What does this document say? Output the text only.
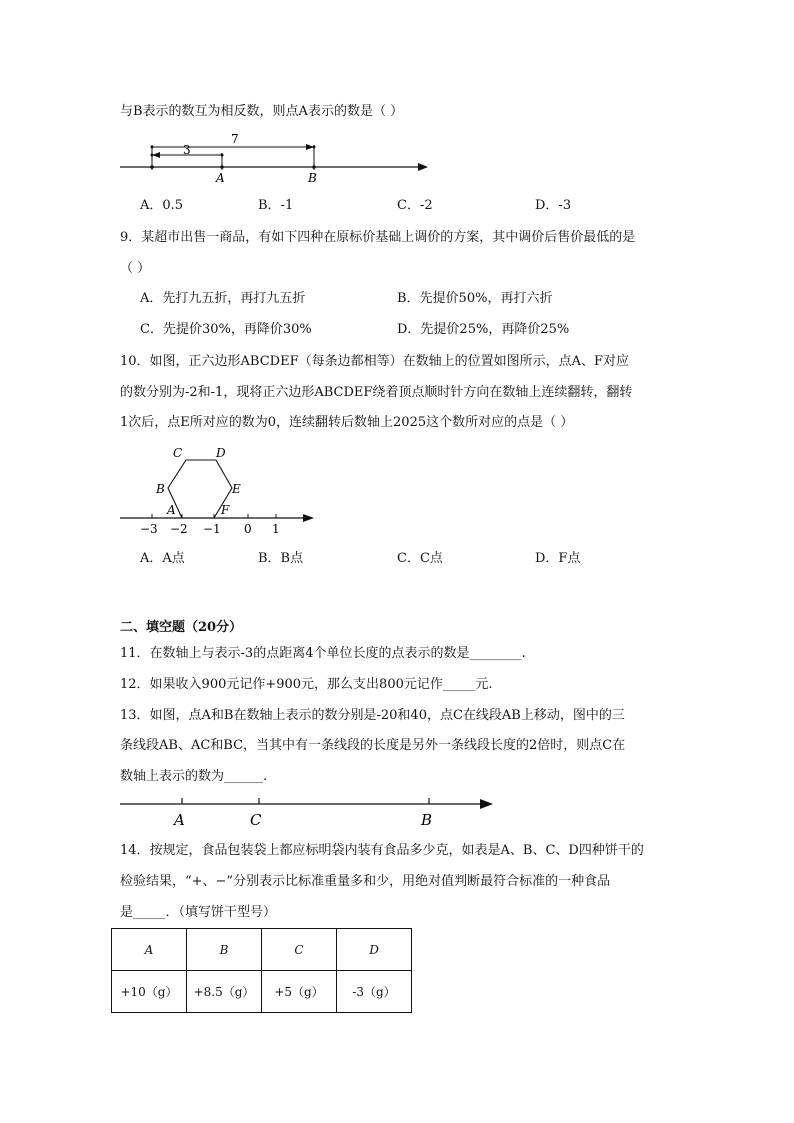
与B表示的数互为相反数，则点A表示的数是（ ）
7
3
A	B
A．0.5	B．-1	C．-2	D．-3
9．某超市出售一商品，有如下四种在原标价基础上调价的方案，其中调价后售价最低的是
（ ）
A．先打九五折，再打九五折	B．先提价50%，再打六折
C．先提价30%，再降价30%	D．先提价25%，再降价25%
10．如图，正六边形ABCDEF（每条边都相等）在数轴上的位置如图所示，点A、F对应
的数分别为-2和-1，现将正六边形ABCDEF绕着顶点顺时针方向在数轴上连续翻转，翻转
1次后，点E所对应的数为0，连续翻转后数轴上2025这个数所对应的点是（ ）
A
B
C	D
E
F
−3 −2 −1 0 1
A．A点	B．B点	C．C点	D．F点
二、填空题（20分）
11．在数轴上与表示-3的点距离4个单位长度的点表示的数是________.
12．如果收入900元记作+900元，那么支出800元记作_____元.
13．如图，点A和B在数轴上表示的数分别是-20和40，点C在线段AB上移动，图中的三
条线段AB、AC和BC，当其中有一条线段的长度是另外一条线段长度的2倍时，则点C在
数轴上表示的数为______.
A	C	B
14．按规定，食品包装袋上都应标明袋内装有食品多少克，如表是A、B、C、D四种饼干的
检验结果，“+、−”分别表示比标准重量多和少，用绝对值判断最符合标准的一种食品
是_____．（填写饼干型号）
A	B	C	D
+10（g）	+8.5（g）	+5（g）	-3（g）
